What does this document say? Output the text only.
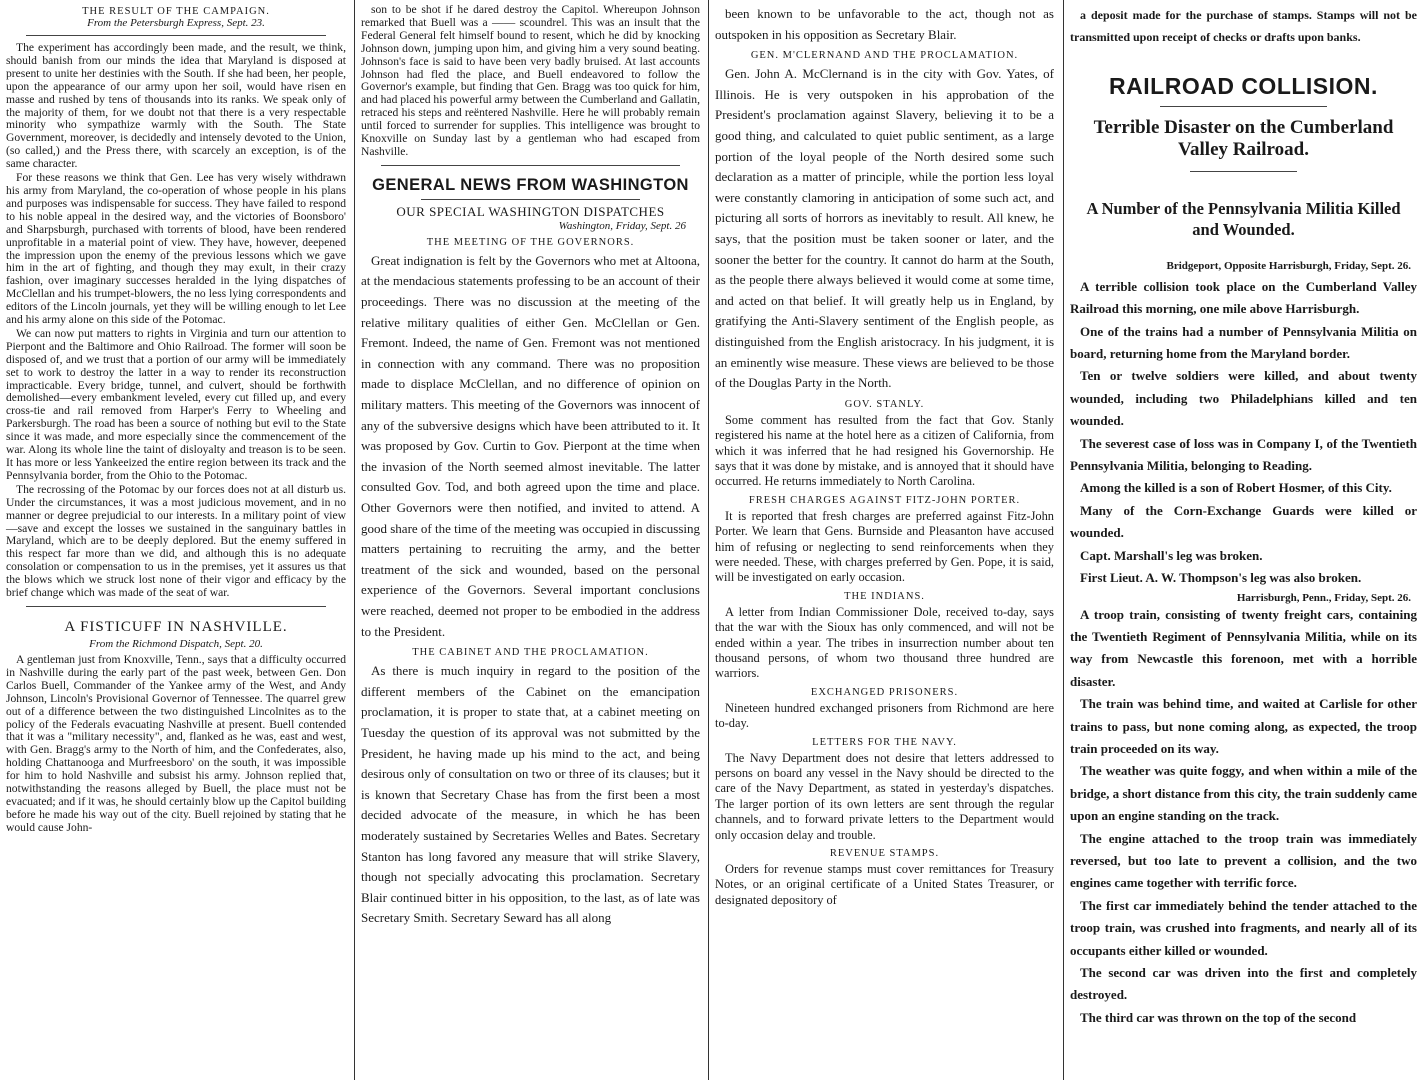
THE RESULT OF THE CAMPAIGN.
From the Petersburgh Express, Sept. 23.

The experiment has accordingly been made, and the result, we think, should banish from our minds the idea that Maryland is disposed at present to unite her destinies with the South. If she had been, her people, upon the appearance of our army upon her soil, would have risen en masse and rushed by tens of thousands into its ranks. We speak only of the majority of them, for we doubt not that there is a very respectable minority who sympathize warmly with the South. The State Government, moreover, is decidedly and intensely devoted to the Union, (so called,) and the Press there, with scarcely an exception, is of the same character.

For these reasons we think that Gen. Lee has very wisely withdrawn his army from Maryland, the co-operation of whose people in his plans and purposes was indispensable for success. They have failed to respond to his noble appeal in the desired way, and the victories of Boonsboro' and Sharpsburgh, purchased with torrents of blood, have been rendered unprofitable in a material point of view. They have, however, deepened the impression upon the enemy of the previous lessons which we gave him in the art of fighting, and though they may exult, in their crazy fashion, over imaginary successes heralded in the lying dispatches of McClellan and his trumpet-blowers, the no less lying correspondents and editors of the Lincoln journals, yet they will be willing enough to let Lee and his army alone on this side of the Potomac.

We can now put matters to rights in Virginia and turn our attention to Pierpont and the Baltimore and Ohio Railroad. The former will soon be disposed of, and we trust that a portion of our army will be immediately set to work to destroy the latter in a way to render its reconstruction impracticable. Every bridge, tunnel, and culvert, should be forthwith demolished—every embankment leveled, every cut filled up, and every cross-tie and rail removed from Harper's Ferry to Wheeling and Parkersburgh. The road has been a source of nothing but evil to the State since it was made, and more especially since the commencement of the war. Along its whole line the taint of disloyalty and treason is to be seen. It has more or less Yankeeized the entire region between its track and the Pennsylvania border, from the Ohio to the Potomac.

The recrossing of the Potomac by our forces does not at all disturb us. Under the circumstances, it was a most judicious movement, and in no manner or degree prejudicial to our interests. In a military point of view—save and except the losses we sustained in the sanguinary battles in Maryland, which are to be deeply deplored. But the enemy suffered in this respect far more than we did, and although this is no adequate consolation or compensation to us in the premises, yet it assures us that the blows which we struck lost none of their vigor and efficacy by the brief change which was made of the seat of war.

A FISTICUFF IN NASHVILLE.
From the Richmond Dispatch, Sept. 20.

A gentleman just from Knoxville, Tenn., says that a difficulty occurred in Nashville during the early part of the past week, between Gen. Don Carlos Buell, Commander of the Yankee army of the West, and Andy Johnson, Lincoln's Provisional Governor of Tennessee. The quarrel grew out of a difference between the two distinguished Lincolnites as to the policy of the Federals evacuating Nashville at present. Buell contended that it was a "military necessity", and, flanked as he was, east and west, with Gen. Bragg's army to the North of him, and the Confederates, also, holding Chattanooga and Murfreesboro' on the south, it was impossible for him to hold Nashville and subsist his army. Johnson replied that, notwithstanding the reasons alleged by Buell, the place must not be evacuated; and if it was, he should certainly blow up the Capitol building before he made his way out of the city. Buell rejoined by stating that he would cause John-

son to be shot if he dared destroy the Capitol. Whereupon Johnson remarked that Buell was a —— scoundrel. This was an insult that the Federal General felt himself bound to resent, which he did by knocking Johnson down, jumping upon him, and giving him a very sound beating. Johnson's face is said to have been very badly bruised. At last accounts Johnson had fled the place, and Buell endeavored to follow the Governor's example, but finding that Gen. Bragg was too quick for him, and had placed his powerful army between the Cumberland and Gallatin, retraced his steps and reëntered Nashville. Here he will probably remain until forced to surrender for supplies. This intelligence was brought to Knoxville on Sunday last by a gentleman who had escaped from Nashville.

GENERAL NEWS FROM WASHINGTON
OUR SPECIAL WASHINGTON DISPATCHES
Washington, Friday, Sept. 26
THE MEETING OF THE GOVERNORS.

Great indignation is felt by the Governors who met at Altoona, at the mendacious statements professing to be an account of their proceedings. There was no discussion at the meeting of the relative military qualities of either Gen. McClellan or Gen. Fremont. Indeed, the name of Gen. Fremont was not mentioned in connection with any command. There was no proposition made to displace McClellan, and no difference of opinion on military matters. This meeting of the Governors was innocent of any of the subversive designs which have been attributed to it. It was proposed by Gov. Curtin to Gov. Pierpont at the time when the invasion of the North seemed almost inevitable. The latter consulted Gov. Tod, and both agreed upon the time and place. Other Governors were then notified, and invited to attend. A good share of the time of the meeting was occupied in discussing matters pertaining to recruiting the army, and the better treatment of the sick and wounded, based on the personal experience of the Governors. Several important conclusions were reached, deemed not proper to be embodied in the address to the President.

THE CABINET AND THE PROCLAMATION.

As there is much inquiry in regard to the position of the different members of the Cabinet on the emancipation proclamation, it is proper to state that, at a cabinet meeting on Tuesday the question of its approval was not submitted by the President, he having made up his mind to the act, and being desirous only of consultation on two or three of its clauses; but it is known that Secretary Chase has from the first been a most decided advocate of the measure, in which he has been moderately sustained by Secretaries Welles and Bates. Secretary Stanton has long favored any measure that will strike Slavery, though not specially advocating this proclamation. Secretary Blair continued bitter in his opposition, to the last, as of late was Secretary Smith. Secretary Seward has all along

been known to be unfavorable to the act, though not as outspoken in his opposition as Secretary Blair.

GEN. M'CLERNAND AND THE PROCLAMATION.

Gen. John A. McClernand is in the city with Gov. Yates, of Illinois. He is very outspoken in his approbation of the President's proclamation against Slavery, believing it to be a good thing, and calculated to quiet public sentiment, as a large portion of the loyal people of the North desired some such declaration as a matter of principle, while the portion less loyal were constantly clamoring in anticipation of some such act, and picturing all sorts of horrors as inevitably to result. All knew, he says, that the position must be taken sooner or later, and the sooner the better for the country. It cannot do harm at the South, as the people there always believed it would come at some time, and acted on that belief. It will greatly help us in England, by gratifying the Anti-Slavery sentiment of the English people, as distinguished from the English aristocracy. In his judgment, it is an eminently wise measure. These views are believed to be those of the Douglas Party in the North.

GOV. STANLY.

Some comment has resulted from the fact that Gov. Stanly registered his name at the hotel here as a citizen of California, from which it was inferred that he had resigned his Governorship. He says that it was done by mistake, and is annoyed that it should have occurred. He returns immediately to North Carolina.

FRESH CHARGES AGAINST FITZ-JOHN PORTER.

It is reported that fresh charges are preferred against Fitz-John Porter. We learn that Gens. Burnside and Pleasanton have accused him of refusing or neglecting to send reinforcements when they were needed. These, with charges preferred by Gen. Pope, it is said, will be investigated on early occasion.

THE INDIANS.

A letter from Indian Commissioner Dole, received to-day, says that the war with the Sioux has only commenced, and will not be ended within a year. The tribes in insurrection number about ten thousand persons, of whom two thousand three hundred are warriors.

EXCHANGED PRISONERS.

Nineteen hundred exchanged prisoners from Richmond are here to-day.

LETTERS FOR THE NAVY.

The Navy Department does not desire that letters addressed to persons on board any vessel in the Navy should be directed to the care of the Navy Department, as stated in yesterday's dispatches. The larger portion of its own letters are sent through the regular channels, and to forward private letters to the Department would only occasion delay and trouble.

REVENUE STAMPS.

Orders for revenue stamps must cover remittances for Treasury Notes, or an original certificate of a United States Treasurer, or designated depository of

a deposit made for the purchase of stamps. Stamps will not be transmitted upon receipt of checks or drafts upon banks.

RAILROAD COLLISION.
Terrible Disaster on the Cumberland Valley Railroad.
A Number of the Pennsylvania Militia Killed and Wounded.
Bridgeport, Opposite Harrisburgh, Friday, Sept. 26.

A terrible collision took place on the Cumberland Valley Railroad this morning, one mile above Harrisburgh.

One of the trains had a number of Pennsylvania Militia on board, returning home from the Maryland border.

Ten or twelve soldiers were killed, and about twenty wounded, including two Philadelphians killed and ten wounded.

The severest case of loss was in Company I, of the Twentieth Pennsylvania Militia, belonging to Reading.

Among the killed is a son of Robert Hosmer, of this City.

Many of the Corn-Exchange Guards were killed or wounded.

Capt. Marshall's leg was broken.

First Lieut. A. W. Thompson's leg was also broken.

Harrisburgh, Penn., Friday, Sept. 26.

A troop train, consisting of twenty freight cars, containing the Twentieth Regiment of Pennsylvania Militia, while on its way from Newcastle this forenoon, met with a horrible disaster.

The train was behind time, and waited at Carlisle for other trains to pass, but none coming along, as expected, the troop train proceeded on its way.

The weather was quite foggy, and when within a mile of the bridge, a short distance from this city, the train suddenly came upon an engine standing on the track.

The engine attached to the troop train was immediately reversed, but too late to prevent a collision, and the two engines came together with terrific force.

The first car immediately behind the tender attached to the troop train, was crushed into fragments, and nearly all of its occupants either killed or wounded.

The second car was driven into the first and completely destroyed.

The third car was thrown on the top of the second
